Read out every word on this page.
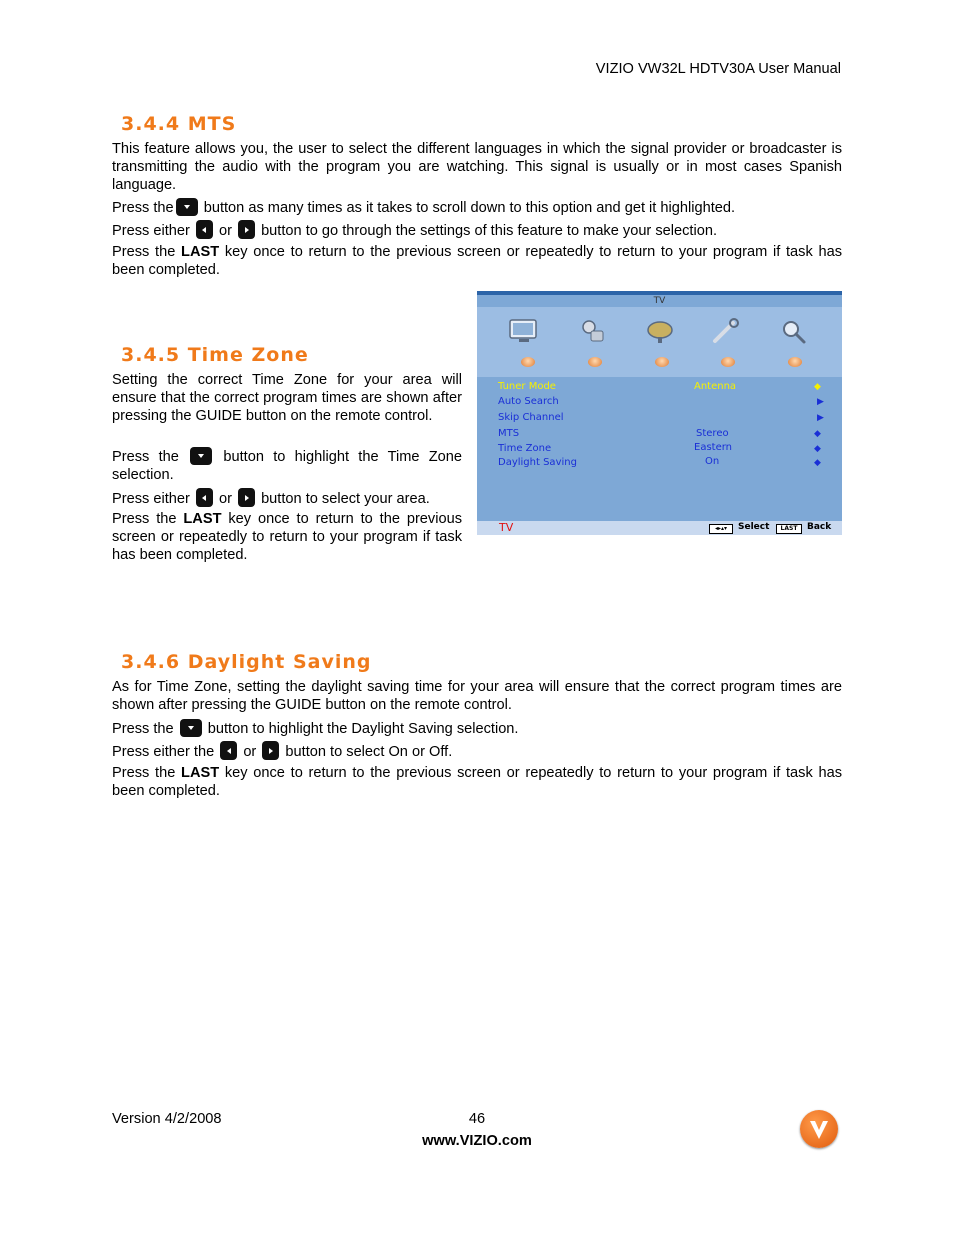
VIZIO VW32L HDTV30A User Manual
3.4.4 MTS
This feature allows you, the user to select the different languages in which the signal provider or broadcaster is transmitting the audio with the program you are watching. This signal is usually or in most cases Spanish language.
Press the button as many times as it takes to scroll down to this option and get it highlighted.
Press either  or  button to go through the settings of this feature to make your selection.
Press the LAST key once to return to the previous screen or repeatedly to return to your program if task has been completed.
3.4.5 Time Zone
Setting the correct Time Zone for your area will ensure that the correct program times are shown after pressing the GUIDE button on the remote control.
Press the  button to highlight the Time Zone selection.
Press either  or  button to select your area.
Press the LAST key once to return to the previous screen or repeatedly to return to your program if task has been completed.
TV
Tuner Mode	Antenna	◆
Auto Search	▶
Skip Channel	▶
MTS	Stereo	◆
Time Zone	Eastern	◆
Daylight Saving	On	◆
TV	◂▸▴▾	Select	LAST	Back
3.4.6 Daylight Saving
As for Time Zone, setting the daylight saving time for your area will ensure that the correct program times are shown after pressing the GUIDE button on the remote control.
Press the  button to highlight the Daylight Saving selection.
Press either the  or  button to select On or Off.
Press the LAST key once to return to the previous screen or repeatedly to return to your program if task has been completed.
Version 4/2/2008	46
www.VIZIO.com
